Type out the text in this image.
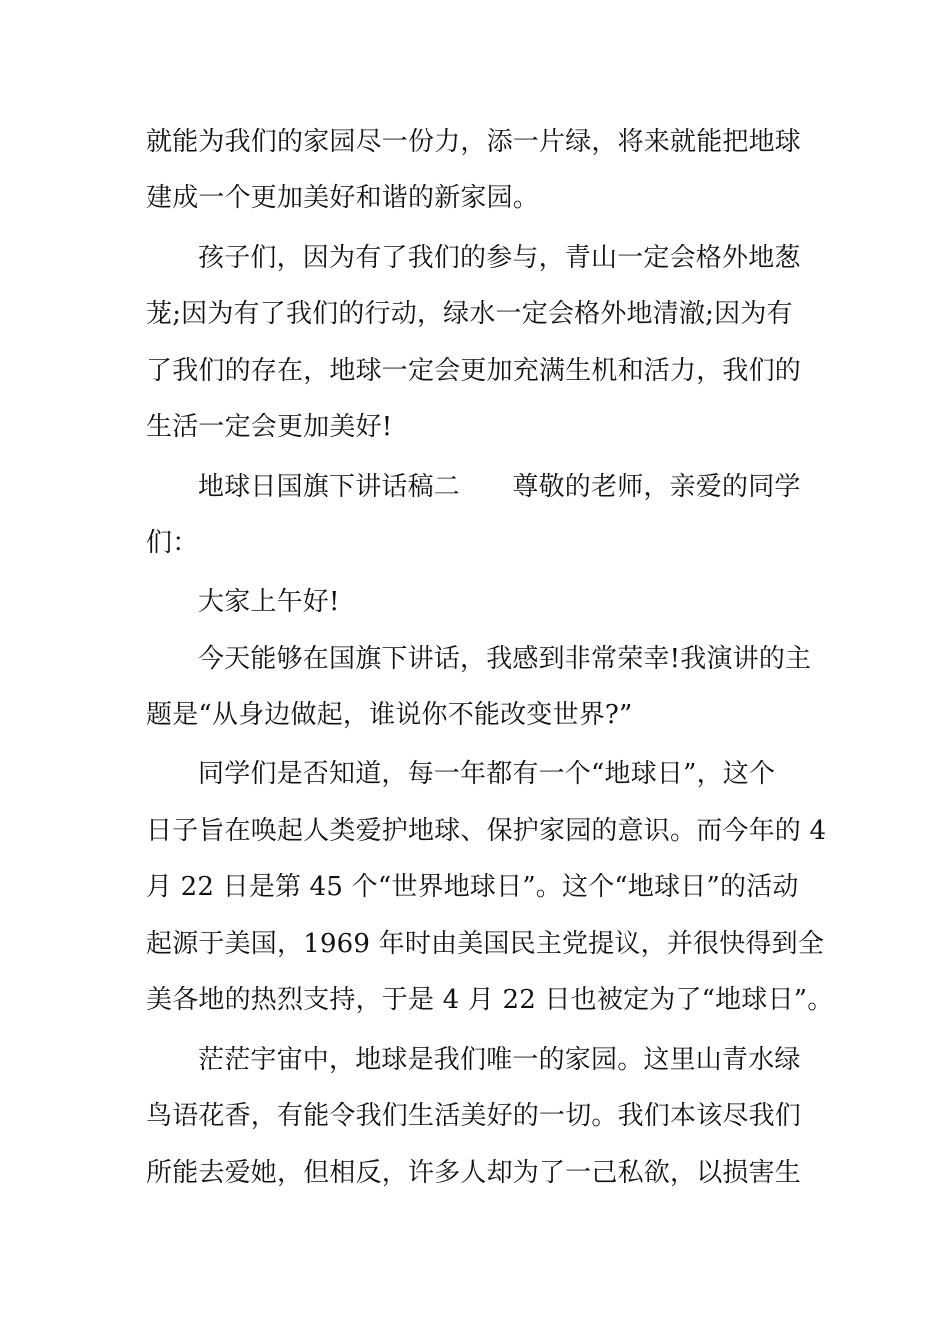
就能为我们的家园尽一份力，添一片绿，将来就能把地球
建成一个更加美好和谐的新家园。
孩子们，因为有了我们的参与，青山一定会格外地葱
茏;因为有了我们的行动，绿水一定会格外地清澈;因为有
了我们的存在，地球一定会更加充满生机和活力，我们的
生活一定会更加美好!
地球日国旗下讲话稿二　　尊敬的老师，亲爱的同学
们：
大家上午好!
今天能够在国旗下讲话，我感到非常荣幸!我演讲的主
题是“从身边做起，谁说你不能改变世界?”
同学们是否知道，每一年都有一个“地球日”，这个
日子旨在唤起人类爱护地球、保护家园的意识。而今年的 4
月 22 日是第 45 个“世界地球日”。这个“地球日”的活动
起源于美国，1969 年时由美国民主党提议，并很快得到全
美各地的热烈支持，于是 4 月 22 日也被定为了“地球日”。
茫茫宇宙中，地球是我们唯一的家园。这里山青水绿
鸟语花香，有能令我们生活美好的一切。我们本该尽我们
所能去爱她，但相反，许多人却为了一己私欲，以损害生
